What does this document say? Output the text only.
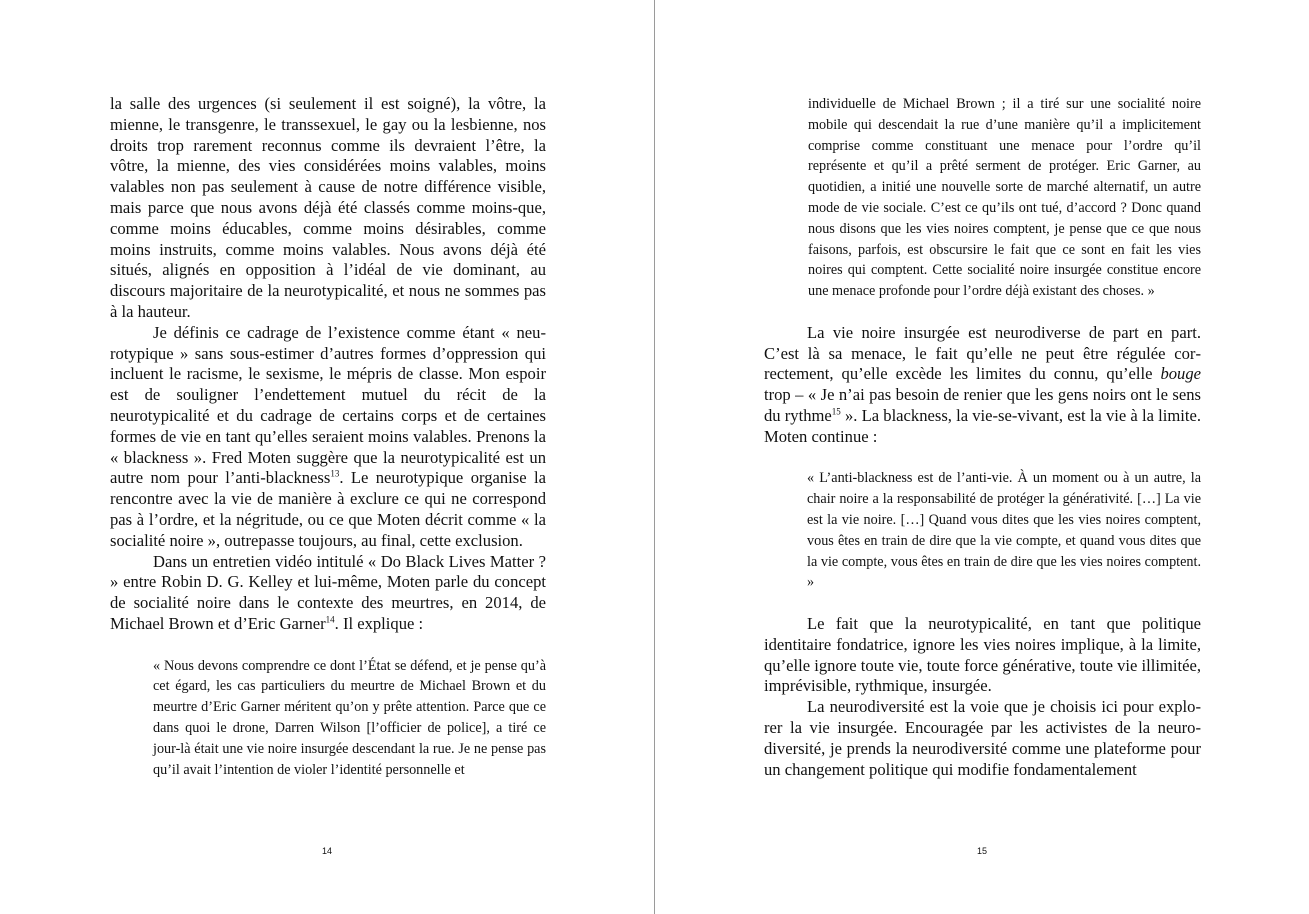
la salle des urgences (si seulement il est soigné), la vôtre, la mienne, le transgenre, le transsexuel, le gay ou la lesbienne, nos droits trop rarement reconnus comme ils devraient l’être, la vôtre, la mienne, des vies considérées moins valables, moins valables non pas seulement à cause de notre différence visible, mais parce que nous avons déjà été classés comme moins-que, comme moins éducables, comme moins désirables, comme moins instruits, comme moins valables. Nous avons déjà été situés, alignés en opposition à l’idéal de vie dominant, au discours majoritaire de la neurotypicalité, et nous ne sommes pas à la hauteur.

Je définis ce cadrage de l’existence comme étant « neurotypique » sans sous-estimer d’autres formes d’oppression qui incluent le racisme, le sexisme, le mépris de classe. Mon espoir est de souligner l’endettement mutuel du récit de la neurotypicalité et du cadrage de certains corps et de certaines formes de vie en tant qu’elles seraient moins valables. Prenons la « blackness ». Fred Moten suggère que la neurotypicalité est un autre nom pour l’anti-blackness$^{13}$. Le neurotypique organise la rencontre avec la vie de manière à exclure ce qui ne correspond pas à l’ordre, et la négritude, ou ce que Moten décrit comme « la socialité noire », outrepasse toujours, au final, cette exclusion.

Dans un entretien vidéo intitulé « Do Black Lives Matter ? » entre Robin D. G. Kelley et lui-même, Moten parle du concept de socialité noire dans le contexte des meurtres, en 2014, de Michael Brown et d’Eric Garner$^{14}$. Il explique :

« Nous devons comprendre ce dont l’État se défend, et je pense qu’à cet égard, les cas particuliers du meurtre de Michael Brown et du meurtre d’Eric Garner méritent qu’on y prête attention. Parce que ce dans quoi le drone, Darren Wilson [l’officier de police], a tiré ce jour-là était une vie noire insurgée descendant la rue. Je ne pense pas qu’il avait l’intention de violer l’identité personnelle et

14

individuelle de Michael Brown ; il a tiré sur une socialité noire mobile qui descendait la rue d’une manière qu’il a implicitement comprise comme constituant une menace pour l’ordre qu’il représente et qu’il a prêté serment de protéger. Eric Garner, au quotidien, a initié une nouvelle sorte de marché alternatif, un autre mode de vie sociale. C’est ce qu’ils ont tué, d’accord ? Donc quand nous disons que les vies noires comptent, je pense que ce que nous faisons, parfois, est obscursire le fait que ce sont en fait les vies noires qui comptent. Cette socialité noire insurgée constitue encore une menace profonde pour l’ordre déjà existant des choses. »

La vie noire insurgée est neurodiverse de part en part. C’est là sa menace, le fait qu’elle ne peut être régulée correctement, qu’elle excède les limites du connu, qu’elle bouge trop – « Je n’ai pas besoin de renier que les gens noirs ont le sens du rythme$^{15}$ ». La blackness, la vie-se-vivant, est la vie à la limite. Moten continue :

« L’anti-blackness est de l’anti-vie. À un moment ou à un autre, la chair noire a la responsabilité de protéger la générativité. […] La vie est la vie noire. […] Quand vous dites que les vies noires comptent, vous êtes en train de dire que la vie compte, et quand vous dites que la vie compte, vous êtes en train de dire que les vies noires comptent. »

Le fait que la neurotypicalité, en tant que politique identitaire fondatrice, ignore les vies noires implique, à la limite, qu’elle ignore toute vie, toute force générative, toute vie illimitée, imprévisible, rythmique, insurgée.

La neurodiversité est la voie que je choisis ici pour explorer la vie insurgée. Encouragée par les activistes de la neurodiversité, je prends la neurodiversité comme une plateforme pour un changement politique qui modifie fondamentalement

15
